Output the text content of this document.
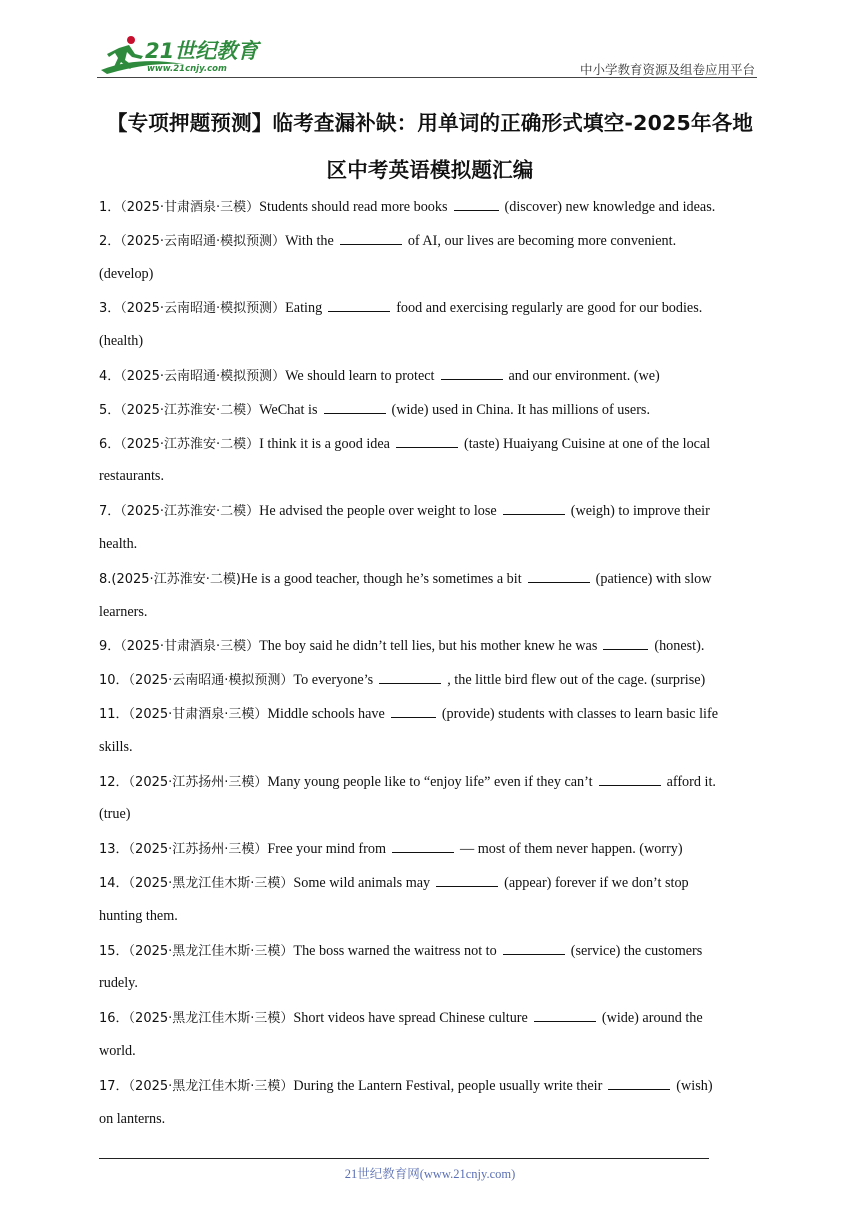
21世纪教育
www.21cnjy.com	中小学教育资源及组卷应用平台
【专项押题预测】临考查漏补缺：用单词的正确形式填空-2025年各地
区中考英语模拟题汇编
1．（2025·甘肃酒泉·三模）Students should read more books	(discover) new knowledge and ideas.
2．（2025·云南昭通·模拟预测）With the	of AI, our lives are becoming more convenient.
(develop)
3．（2025·云南昭通·模拟预测）Eating	food and exercising regularly are good for our bodies.
(health)
4．（2025·云南昭通·模拟预测）We should learn to protect	and our environment. (we)
5．（2025·江苏淮安·二模）WeChat is	(wide) used in China. It has millions of users.
6．（2025·江苏淮安·二模）I think it is a good idea	(taste) Huaiyang Cuisine at one of the local
restaurants.
7．（2025·江苏淮安·二模）He advised the people over weight to lose	(weigh) to improve their
health.
8.(2025·江苏淮安·二模)He is a good teacher, though he’s sometimes a bit	(patience) with slow
learners.
9．（2025·甘肃酒泉·三模）The boy said he didn’t tell lies, but his mother knew he was	(honest).
10．（2025·云南昭通·模拟预测）To everyone’s	, the little bird flew out of the cage. (surprise)
11．（2025·甘肃酒泉·三模）Middle schools have	(provide) students with classes to learn basic life
skills.
12．（2025·江苏扬州·三模）Many young people like to “enjoy life” even if they can’t	afford it.
(true)
13．（2025·江苏扬州·三模）Free your mind from	— most of them never happen. (worry)
14．（2025·黑龙江佳木斯·三模）Some wild animals may	(appear) forever if we don’t stop
hunting them.
15．（2025·黑龙江佳木斯·三模）The boss warned the waitress not to	(service) the customers
rudely.
16．（2025·黑龙江佳木斯·三模）Short videos have spread Chinese culture	(wide) around the
world.
17．（2025·黑龙江佳木斯·三模）During the Lantern Festival, people usually write their	(wish)
on lanterns.
21世纪教育网(www.21cnjy.com)
